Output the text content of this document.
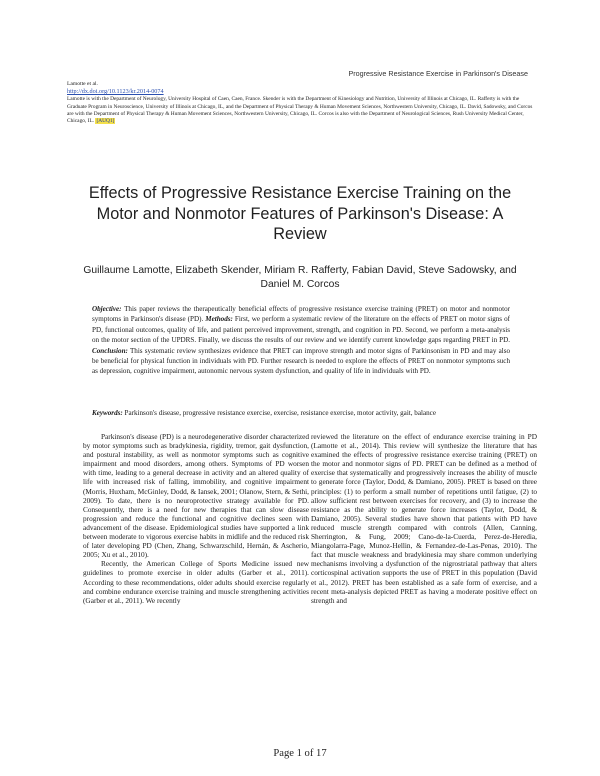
Progressive Resistance Exercise in Parkinson's Disease
Lamotte et al.
http://dx.doi.org/10.1123/kr.2014-0074
Lamotte is with the Department of Neurology, University Hospital of Caen, Caen, France. Skender is with the Department of Kinesiology and Nutrition, University of Illinois at Chicago, IL. Rafferty is with the Graduate Program in Neuroscience, University of Illinois at Chicago, IL, and the Department of Physical Therapy & Human Movement Sciences, Northwestern University, Chicago, IL. David, Sadowsky, and Corcos are with the Department of Physical Therapy & Human Movement Sciences, Northwestern University, Chicago, IL. Corcos is also with the Department of Neurological Sciences, Rush University Medical Center, Chicago, IL. [AUQ1]
Effects of Progressive Resistance Exercise Training on the Motor and Nonmotor Features of Parkinson's Disease: A Review

Guillaume Lamotte, Elizabeth Skender, Miriam R. Rafferty, Fabian David, Steve Sadowsky, and Daniel M. Corcos

Objective: This paper reviews the therapeutically beneficial effects of progressive resistance exercise training (PRET) on motor and nonmotor symptoms in Parkinson's disease (PD). Methods: First, we perform a systematic review of the literature on the effects of PRET on motor signs of PD, functional outcomes, quality of life, and patient perceived improvement, strength, and cognition in PD. Second, we perform a meta-analysis on the motor section of the UPDRS. Finally, we discuss the results of our review and we identify current knowledge gaps regarding PRET in PD. Conclusion: This systematic review synthesizes evidence that PRET can improve strength and motor signs of Parkinsonism in PD and may also be beneficial for physical function in individuals with PD. Further research is needed to explore the effects of PRET on nonmotor symptoms such as depression, cognitive impairment, autonomic nervous system dysfunction, and quality of life in individuals with PD.
Keywords: Parkinson's disease, progressive resistance exercise, exercise, resistance exercise, motor activity, gait, balance

Parkinson's disease (PD) is a neurodegenerative disorder characterized by motor symptoms such as bradykinesia, rigidity, tremor, gait dysfunction, and postural instability, as well as nonmotor symptoms such as cognitive impairment and mood disorders, among others. Symptoms of PD worsen with time, leading to a general decrease in activity and an altered quality of life with increased risk of falling, immobility, and cognitive impairment (Morris, Huxham, McGinley, Dodd, & Iansek, 2001; Olanow, Stern, & Sethi, 2009). To date, there is no neuroprotective strategy available for PD. Consequently, there is a need for new therapies that can slow disease progression and reduce the functional and cognitive declines seen with advancement of the disease. Epidemiological studies have supported a link between moderate to vigorous exercise habits in midlife and the reduced risk of later developing PD (Chen, Zhang, Schwarzschild, Hernán, & Ascherio, 2005; Xu et al., 2010).

Recently, the American College of Sports Medicine issued new guidelines to promote exercise in older adults (Garber et al., 2011). According to these recommendations, older adults should exercise regularly and combine endurance exercise training and muscle strengthening activities (Garber et al., 2011). We recently

reviewed the literature on the effect of endurance exercise training in PD (Lamotte et al., 2014). This review will synthesize the literature that has examined the effects of progressive resistance exercise training (PRET) on the motor and nonmotor signs of PD. PRET can be defined as a method of exercise that systematically and progressively increases the ability of muscle to generate force (Taylor, Dodd, & Damiano, 2005). PRET is based on three principles: (1) to perform a small number of repetitions until fatigue, (2) to allow sufficient rest between exercises for recovery, and (3) to increase the resistance as the ability to generate force increases (Taylor, Dodd, & Damiano, 2005). Several studies have shown that patients with PD have reduced muscle strength compared with controls (Allen, Canning, Sherrington, & Fung, 2009; Cano-de-la-Cuerda, Perez-de-Heredia, Miangolarra-Page, Munoz-Hellin, & Fernandez-de-Las-Penas, 2010). The fact that muscle weakness and bradykinesia may share common underlying mechanisms involving a dysfunction of the nigrostriatal pathway that alters corticospinal activation supports the use of PRET in this population (David et al., 2012). PRET has been established as a safe form of exercise, and a recent meta-analysis depicted PRET as having a moderate positive effect on strength and

Page 1 of 17
